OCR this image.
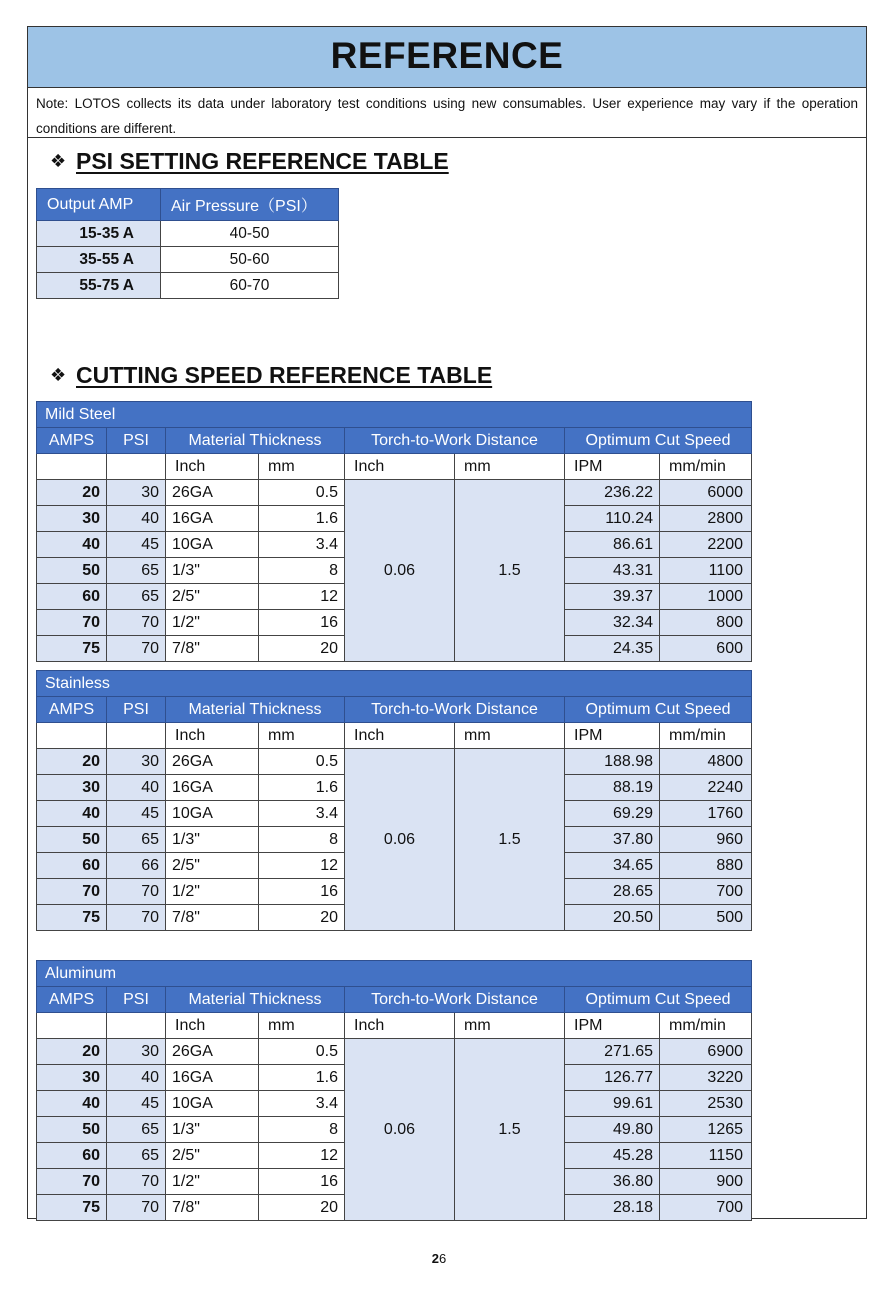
REFERENCE
Note: LOTOS collects its data under laboratory test conditions using new consumables. User experience may vary if the operation conditions are different.
❖ PSI SETTING REFERENCE TABLE
Output AMP	Air Pressure（PSI）
15-35 A	40-50
35-55 A	50-60
55-75 A	60-70
❖ CUTTING SPEED REFERENCE TABLE
Mild Steel							
AMPS	PSI	Material Thickness		Torch-to-Work Distance		Optimum Cut Speed	
		Inch	mm	Inch	mm	IPM	mm/min
20	30	26GA	0.5	0.06	1.5	236.22	6000
30	40	16GA	1.6			110.24	2800
40	45	10GA	3.4			86.61	2200
50	65	1/3"	8			43.31	1100
60	65	2/5"	12			39.37	1000
70	70	1/2"	16			32.34	800
75	70	7/8"	20			24.35	600
Stainless							
AMPS	PSI	Material Thickness		Torch-to-Work Distance		Optimum Cut Speed	
		Inch	mm	Inch	mm	IPM	mm/min
20	30	26GA	0.5	0.06	1.5	188.98	4800
30	40	16GA	1.6			88.19	2240
40	45	10GA	3.4			69.29	1760
50	65	1/3"	8			37.80	960
60	66	2/5"	12			34.65	880
70	70	1/2"	16			28.65	700
75	70	7/8"	20			20.50	500
Aluminum							
AMPS	PSI	Material Thickness		Torch-to-Work Distance		Optimum Cut Speed	
		Inch	mm	Inch	mm	IPM	mm/min
20	30	26GA	0.5	0.06	1.5	271.65	6900
30	40	16GA	1.6			126.77	3220
40	45	10GA	3.4			99.61	2530
50	65	1/3"	8			49.80	1265
60	65	2/5"	12			45.28	1150
70	70	1/2"	16			36.80	900
75	70	7/8"	20			28.18	700
26
